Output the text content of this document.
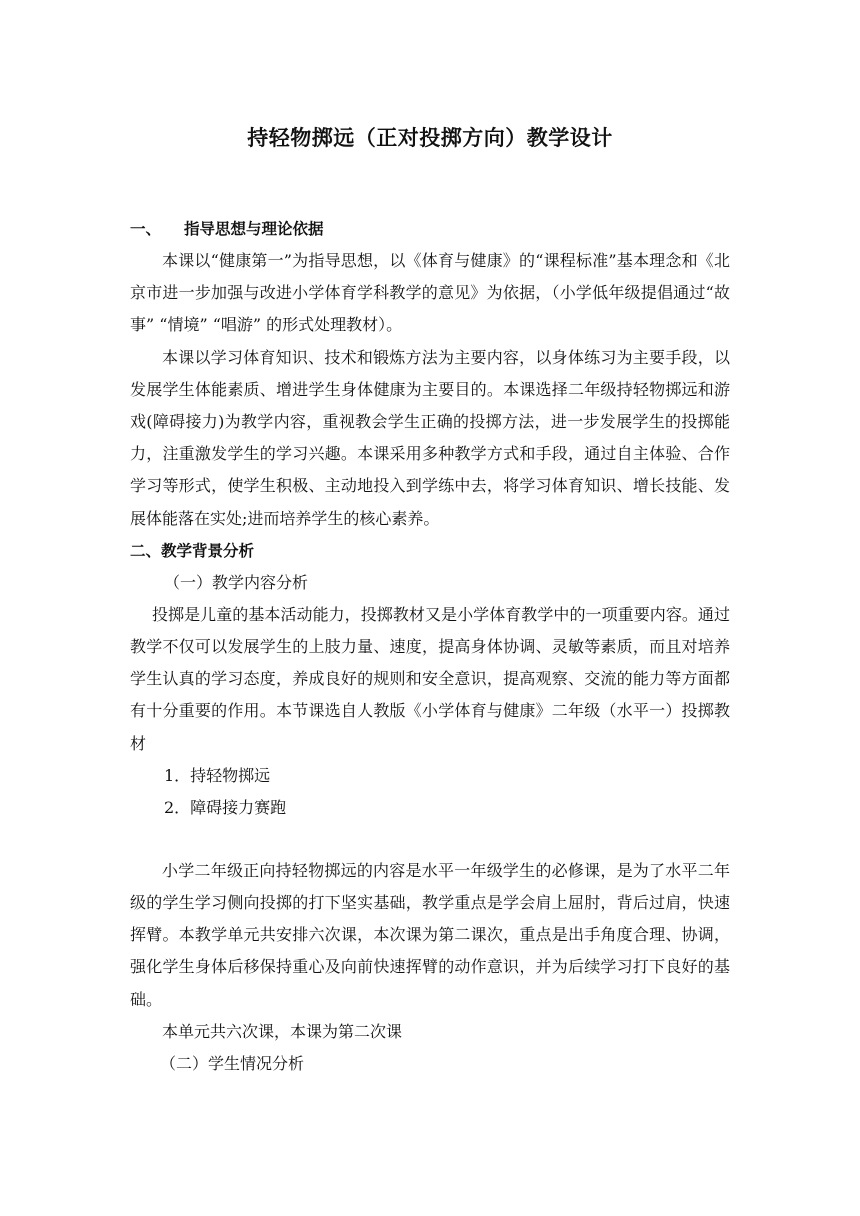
持轻物掷远（正对投掷方向）教学设计
一、 指导思想与理论依据

本课以“健康第一”为指导思想，以《体育与健康》的“课程标准”基本理念和《北京市进一步加强与改进小学体育学科教学的意见》为依据，（小学低年级提倡通过“故事” “情境” “唱游” 的形式处理教材）。

本课以学习体育知识、技术和锻炼方法为主要内容，以身体练习为主要手段，以发展学生体能素质、增进学生身体健康为主要目的。本课选择二年级持轻物掷远和游戏(障碍接力)为教学内容，重视教会学生正确的投掷方法，进一步发展学生的投掷能力，注重激发学生的学习兴趣。本课采用多种教学方式和手段，通过自主体验、合作学习等形式，使学生积极、主动地投入到学练中去，将学习体育知识、增长技能、发展体能落在实处;进而培养学生的核心素养。

二、教学背景分析
（一）教学内容分析

投掷是儿童的基本活动能力，投掷教材又是小学体育教学中的一项重要内容。通过教学不仅可以发展学生的上肢力量、速度，提高身体协调、灵敏等素质，而且对培养学生认真的学习态度，养成良好的规则和安全意识，提高观察、交流的能力等方面都有十分重要的作用。本节课选自人教版《小学体育与健康》二年级（水平一）投掷教材

1．持轻物掷远
2．障碍接力赛跑

小学二年级正向持轻物掷远的内容是水平一年级学生的必修课，是为了水平二年级的学生学习侧向投掷的打下坚实基础，教学重点是学会肩上屈肘，背后过肩，快速挥臂。本教学单元共安排六次课，本次课为第二课次，重点是出手角度合理、协调，强化学生身体后移保持重心及向前快速挥臂的动作意识，并为后续学习打下良好的基础。

本单元共六次课，本课为第二次课
（二）学生情况分析
